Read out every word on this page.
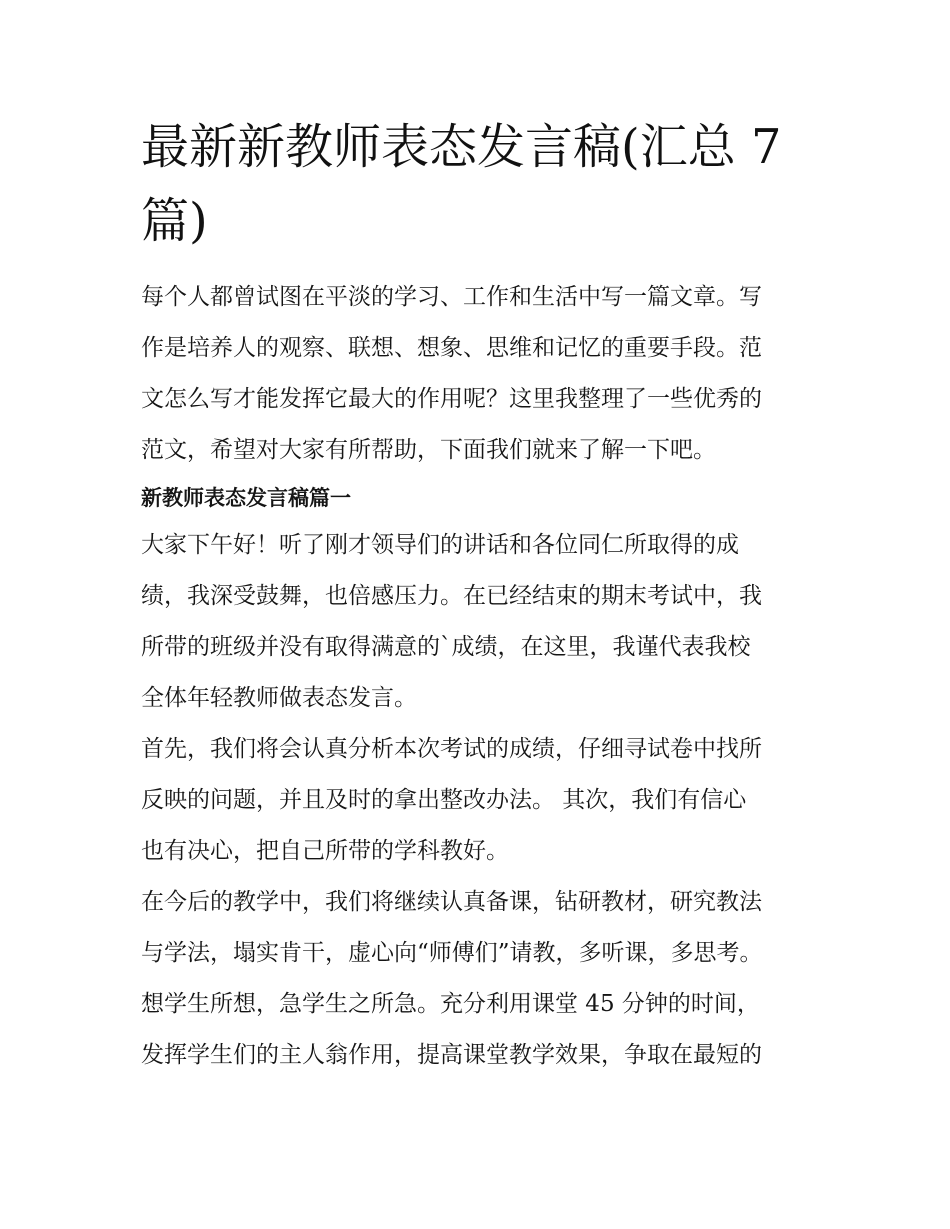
最新新教师表态发言稿(汇总 7
篇)

每个人都曾试图在平淡的学习、工作和生活中写一篇文章。写
作是培养人的观察、联想、想象、思维和记忆的重要手段。范
文怎么写才能发挥它最大的作用呢？这里我整理了一些优秀的
范文，希望对大家有所帮助，下面我们就来了解一下吧。

新教师表态发言稿篇一

大家下午好！听了刚才领导们的讲话和各位同仁所取得的成
绩，我深受鼓舞，也倍感压力。在已经结束的期末考试中，我
所带的班级并没有取得满意的`成绩，在这里，我谨代表我校
全体年轻教师做表态发言。

首先，我们将会认真分析本次考试的成绩，仔细寻试卷中找所
反映的问题，并且及时的拿出整改办法。 其次，我们有信心
也有决心，把自己所带的学科教好。

在今后的教学中，我们将继续认真备课，钻研教材，研究教法
与学法，塌实肯干，虚心向“师傅们”请教，多听课，多思考。
想学生所想，急学生之所急。充分利用课堂 45 分钟的时间，
发挥学生们的主人翁作用，提高课堂教学效果，争取在最短的
